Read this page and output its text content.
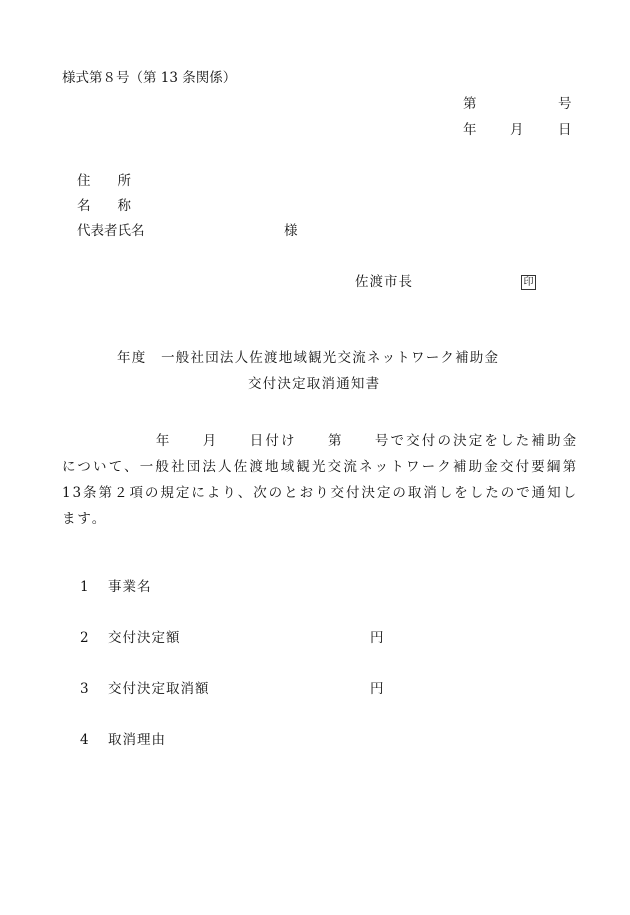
様式第８号（第 13 条関係）
第	号
年 月	日
住　　所
名　　称
代表者氏名	様
佐渡市長	印
年度　一般社団法人佐渡地域観光交流ネットワーク補助金
交付決定取消通知書
　　　　　　年　　月　　日付け　　第　　号で交付の決定をした補助金について、一般社団法人佐渡地域観光交流ネットワーク補助金交付要綱第13条第２項の規定により、次のとおり交付決定の取消しをしたので通知します。
1 事業名
2 交付決定額	円
3 交付決定取消額	円
4 取消理由
